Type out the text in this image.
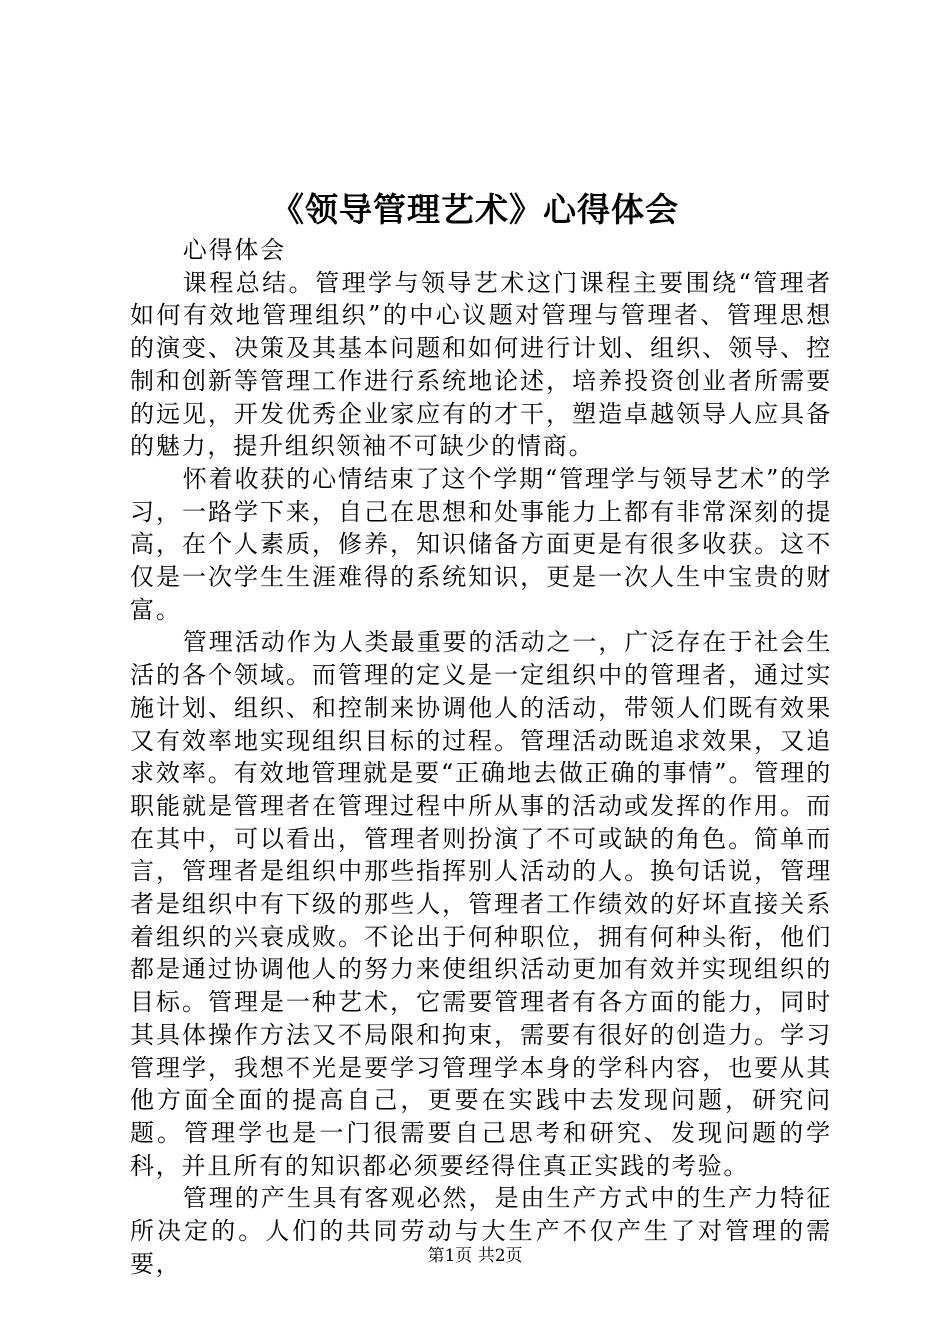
《领导管理艺术》心得体会

心得体会

课程总结。管理学与领导艺术这门课程主要围绕“管理者如何有效地管理组织”的中心议题对管理与管理者、管理思想的演变、决策及其基本问题和如何进行计划、组织、领导、控制和创新等管理工作进行系统地论述，培养投资创业者所需要的远见，开发优秀企业家应有的才干，塑造卓越领导人应具备的魅力，提升组织领袖不可缺少的情商。

怀着收获的心情结束了这个学期“管理学与领导艺术”的学习，一路学下来，自己在思想和处事能力上都有非常深刻的提高，在个人素质，修养，知识储备方面更是有很多收获。这不仅是一次学生生涯难得的系统知识，更是一次人生中宝贵的财富。

管理活动作为人类最重要的活动之一，广泛存在于社会生活的各个领域。而管理的定义是一定组织中的管理者，通过实施计划、组织、和控制来协调他人的活动，带领人们既有效果又有效率地实现组织目标的过程。管理活动既追求效果，又追求效率。有效地管理就是要“正确地去做正确的事情”。管理的职能就是管理者在管理过程中所从事的活动或发挥的作用。而在其中，可以看出，管理者则扮演了不可或缺的角色。简单而言，管理者是组织中那些指挥别人活动的人。换句话说，管理者是组织中有下级的那些人，管理者工作绩效的好坏直接关系着组织的兴衰成败。不论出于何种职位，拥有何种头衔，他们都是通过协调他人的努力来使组织活动更加有效并实现组织的目标。管理是一种艺术，它需要管理者有各方面的能力，同时其具体操作方法又不局限和拘束，需要有很好的创造力。学习管理学，我想不光是要学习管理学本身的学科内容，也要从其他方面全面的提高自己，更要在实践中去发现问题，研究问题。管理学也是一门很需要自己思考和研究、发现问题的学科，并且所有的知识都必须要经得住真正实践的考验。

管理的产生具有客观必然，是由生产方式中的生产力特征所决定的。人们的共同劳动与大生产不仅产生了对管理的需要，	第1页 共2页
